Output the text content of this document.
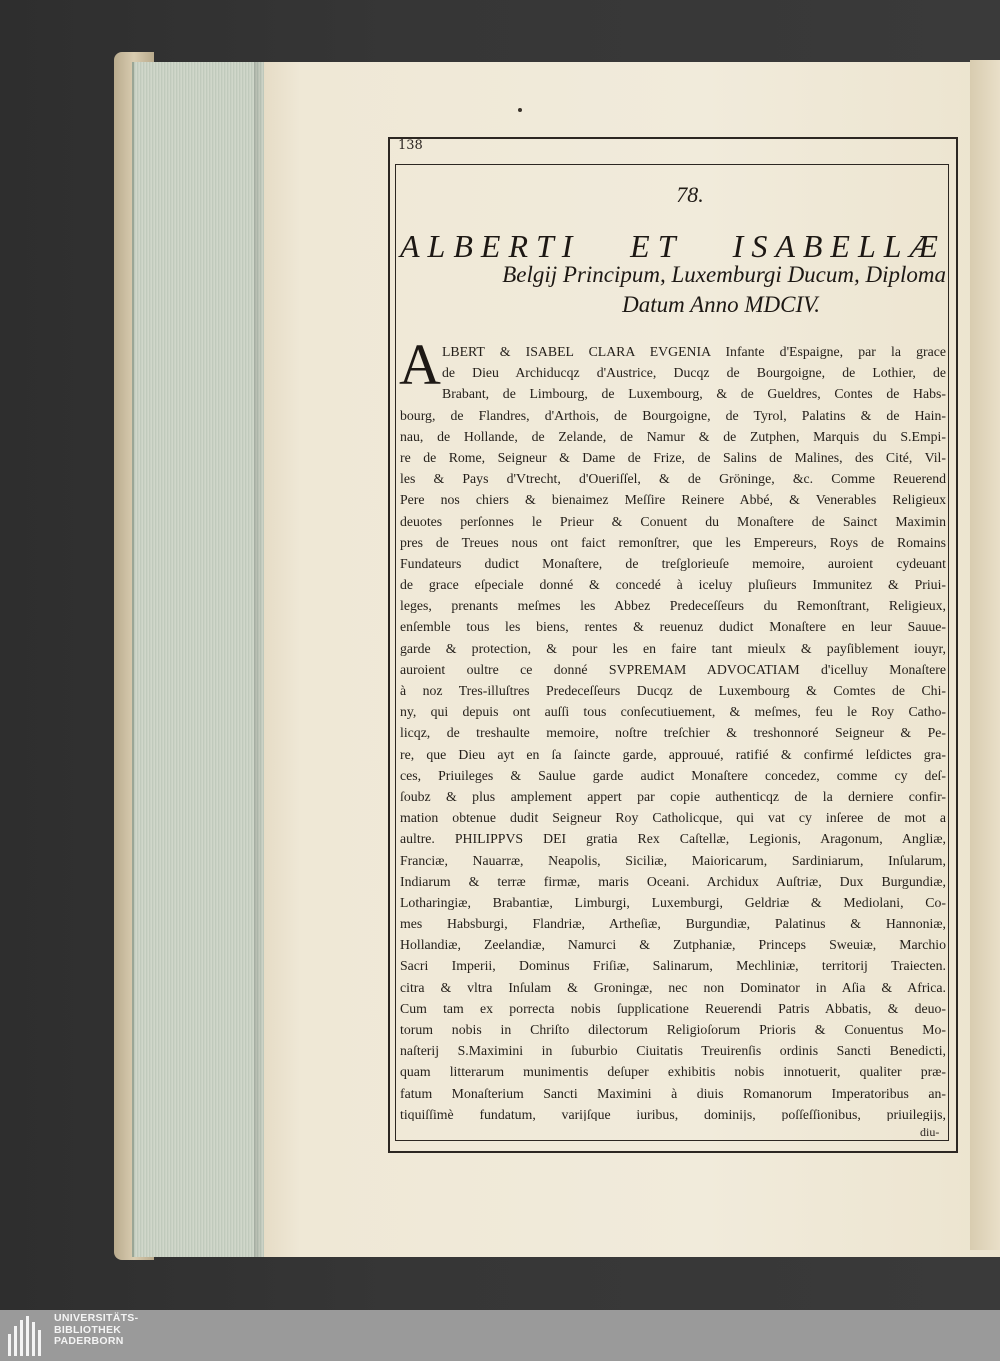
138
78.
ALBERTI ET ISABELLÆ
Belgij Principum, Luxemburgi Ducum, Diploma
Datum Anno MDCIV.
A LBERT & ISABEL CLARA EVGENIA Infante d'Espaigne, par la grace
de Dieu Archiducqz d'Austrice, Ducqz de Bourgoigne, de Lothier, de
Brabant, de Limbourg, de Luxembourg, & de Gueldres, Contes de Habs-
bourg, de Flandres, d'Arthois, de Bourgoigne, de Tyrol, Palatins & de Hain-
nau, de Hollande, de Zelande, de Namur & de Zutphen, Marquis du S.Empi-
re de Rome, Seigneur & Dame de Frize, de Salins de Malines, des Cité, Vil-
les & Pays d'Vtrecht, d'Oueriſſel, & de Gröninge, &c. Comme Reuerend
Pere nos chiers & bienaimez Meſſire Reinere Abbé, & Venerables Religieux
deuotes perſonnes le Prieur & Conuent du Monaſtere de Sainct Maximin
pres de Treues nous ont faict remonſtrer, que les Empereurs, Roys de Romains
Fundateurs dudict Monaſtere, de treſglorieuſe memoire, auroient cydeuant
de grace eſpeciale donné & concedé à iceluy pluſieurs Immunitez & Priui-
leges, prenants meſmes les Abbez Predeceſſeurs du Remonſtrant, Religieux,
enſemble tous les biens, rentes & reuenuz dudict Monaſtere en leur Sauue-
garde & protection, & pour les en faire tant mieulx & payſiblement iouyr,
auroient oultre ce donné SVPREMAM ADVOCATIAM d'icelluy Monaſtere
à noz Tres-illuſtres Predeceſſeurs Ducqz de Luxembourg & Comtes de Chi-
ny, qui depuis ont auſſi tous conſecutiuement, & meſmes, feu le Roy Catho-
licqz, de treshaulte memoire, noſtre treſchier & treshonnoré Seigneur & Pe-
re, que Dieu ayt en ſa ſaincte garde, approuué, ratifié & confirmé leſdictes gra-
ces, Priuileges & Saulue garde audict Monaſtere concedez, comme cy deſ-
ſoubz & plus amplement appert par copie authenticqz de la derniere confir-
mation obtenue dudit Seigneur Roy Catholicque, qui vat cy inſeree de mot a
aultre. PHILIPPVS DEI gratia Rex Caſtellæ, Legionis, Aragonum, Angliæ,
Franciæ, Nauarræ, Neapolis, Siciliæ, Maioricarum, Sardiniarum, Inſularum,
Indiarum & terræ firmæ, maris Oceani. Archidux Auſtriæ, Dux Burgundiæ,
Lotharingiæ, Brabantiæ, Limburgi, Luxemburgi, Geldriæ & Mediolani, Co-
mes Habsburgi, Flandriæ, Artheſiæ, Burgundiæ, Palatinus & Hannoniæ,
Hollandiæ, Zeelandiæ, Namurci & Zutphaniæ, Princeps Sweuiæ, Marchio
Sacri Imperii, Dominus Friſiæ, Salinarum, Mechliniæ, territorij Traiecten.
citra & vltra Inſulam & Groningæ, nec non Dominator in Aſia & Africa.
Cum tam ex porrecta nobis ſupplicatione Reuerendi Patris Abbatis, & deuo-
torum nobis in Chriſto dilectorum Religioſorum Prioris & Conuentus Mo-
naſterij S.Maximini in ſuburbio Ciuitatis Treuirenſis ordinis Sancti Benedicti,
quam litterarum munimentis deſuper exhibitis nobis innotuerit, qualiter præ-
fatum Monaſterium Sancti Maximini à diuis Romanorum Imperatoribus an-
tiquiſſimè fundatum, varijſque iuribus, dominijs, poſſeſſionibus, priuilegijs,
diu-
UNIVERSITÄTS-
BIBLIOTHEK
PADERBORN
